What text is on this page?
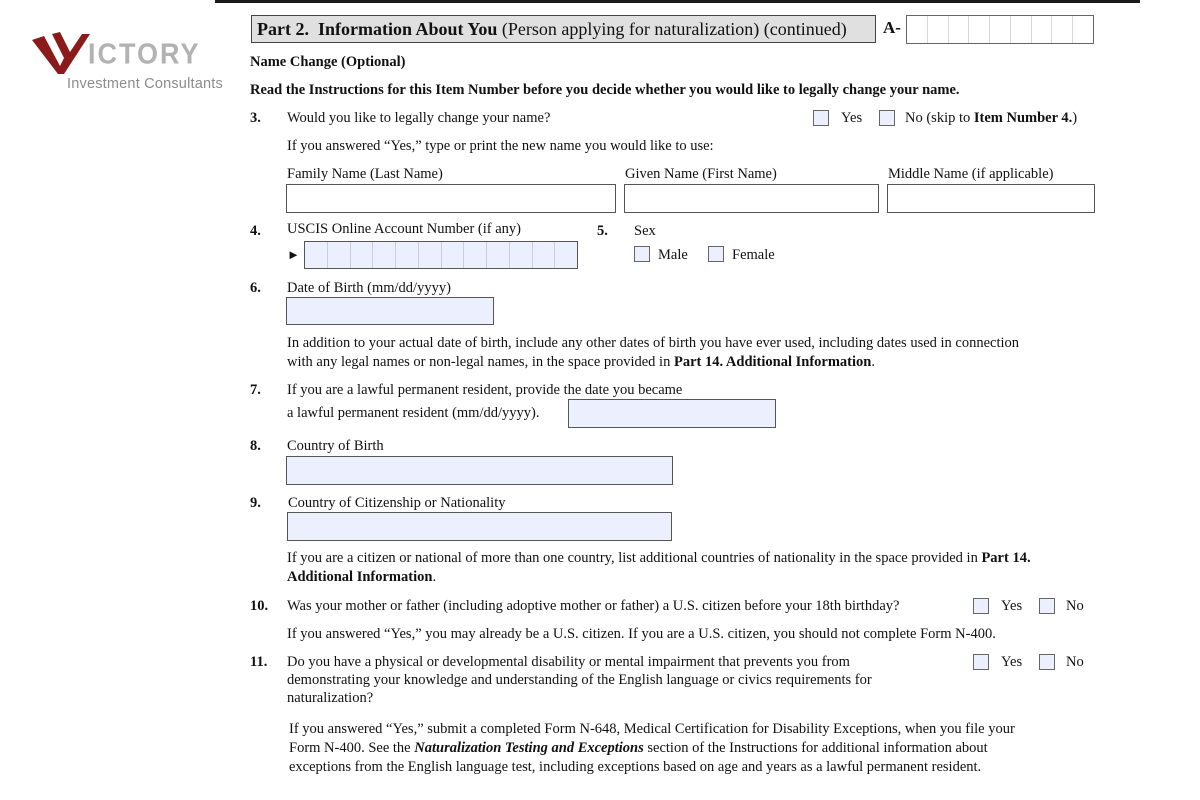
ICTORY
Investment Consultants
Part 2. Information About You (Person applying for naturalization) (continued)	A-
Name Change (Optional)
Read the Instructions for this Item Number before you decide whether you would like to legally change your name.
3. Would you like to legally change your name?	Yes	No (skip to Item Number 4.)
If you answered “Yes,” type or print the new name you would like to use:
Family Name (Last Name)	Given Name (First Name)	Middle Name (if applicable)
4. USCIS Online Account Number (if any)
►
5. Sex
Male	Female
6. Date of Birth (mm/dd/yyyy)
In addition to your actual date of birth, include any other dates of birth you have ever used, including dates used in connection
with any legal names or non-legal names, in the space provided in Part 14. Additional Information.
7. If you are a lawful permanent resident, provide the date you became
a lawful permanent resident (mm/dd/yyyy).
8. Country of Birth
9. Country of Citizenship or Nationality
If you are a citizen or national of more than one country, list additional countries of nationality in the space provided in Part 14.
Additional Information.
10. Was your mother or father (including adoptive mother or father) a U.S. citizen before your 18th birthday?	Yes	No
If you answered “Yes,” you may already be a U.S. citizen. If you are a U.S. citizen, you should not complete Form N-400.
11. Do you have a physical or developmental disability or mental impairment that prevents you from
demonstrating your knowledge and understanding of the English language or civics requirements for
naturalization?
Yes	No
If you answered “Yes,” submit a completed Form N-648, Medical Certification for Disability Exceptions, when you file your
Form N-400. See the Naturalization Testing and Exceptions section of the Instructions for additional information about
exceptions from the English language test, including exceptions based on age and years as a lawful permanent resident.
